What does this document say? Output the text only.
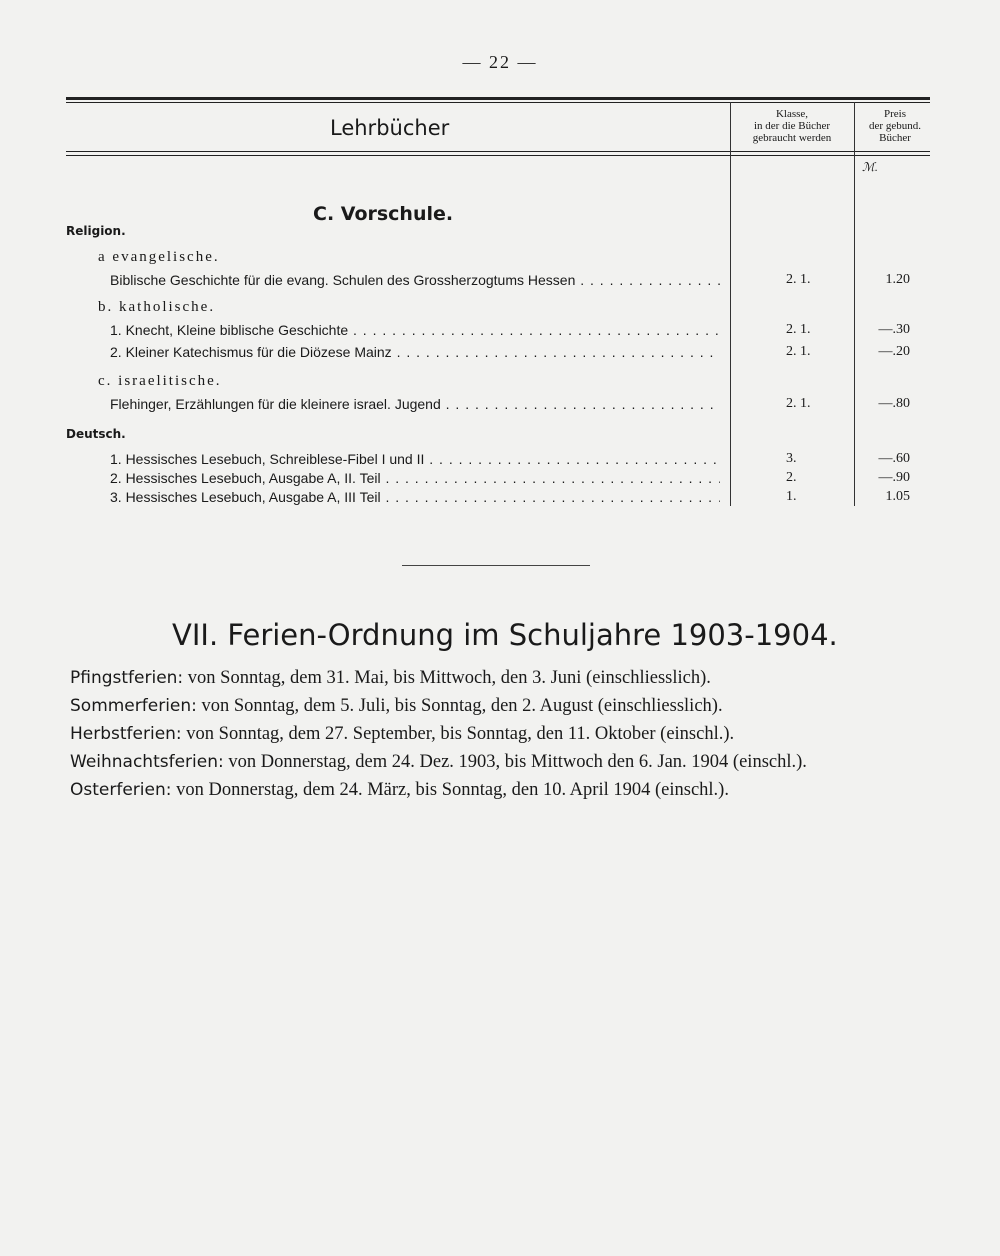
— 22 —
Lehrbücher
Klasse,
in der die Bücher
gebraucht werden
Preis
der gebund.
Bücher
ℳ.
C. Vorschule.
Religion.
a evangelische.
Biblische Geschichte für die evang. Schulen des Grossherzogtums Hessen . . .	2. 1.	1.20
b. katholische.
1. Knecht, Kleine biblische Geschichte . . .	2. 1.	—.30
2. Kleiner Katechismus für die Diözese Mainz . . .	2. 1.	—.20
c. israelitische.
Flehinger, Erzählungen für die kleinere israel. Jugend . . .	2. 1.	—.80
Deutsch.
1. Hessisches Lesebuch, Schreiblese-Fibel I und II . . .	3.	—.60
2. Hessisches Lesebuch, Ausgabe A, II. Teil . . .	2.	—.90
3. Hessisches Lesebuch, Ausgabe A, III Teil . . .	1.	1.05
VII. Ferien-Ordnung im Schuljahre 1903-1904.
Pfingstferien: von Sonntag, dem 31. Mai, bis Mittwoch, den 3. Juni (einschliesslich).
Sommerferien: von Sonntag, dem 5. Juli, bis Sonntag, den 2. August (einschliesslich).
Herbstferien: von Sonntag, dem 27. September, bis Sonntag, den 11. Oktober (einschl.).
Weihnachtsferien: von Donnerstag, dem 24. Dez. 1903, bis Mittwoch den 6. Jan. 1904 (einschl.).
Osterferien: von Donnerstag, dem 24. März, bis Sonntag, den 10. April 1904 (einschl.).
